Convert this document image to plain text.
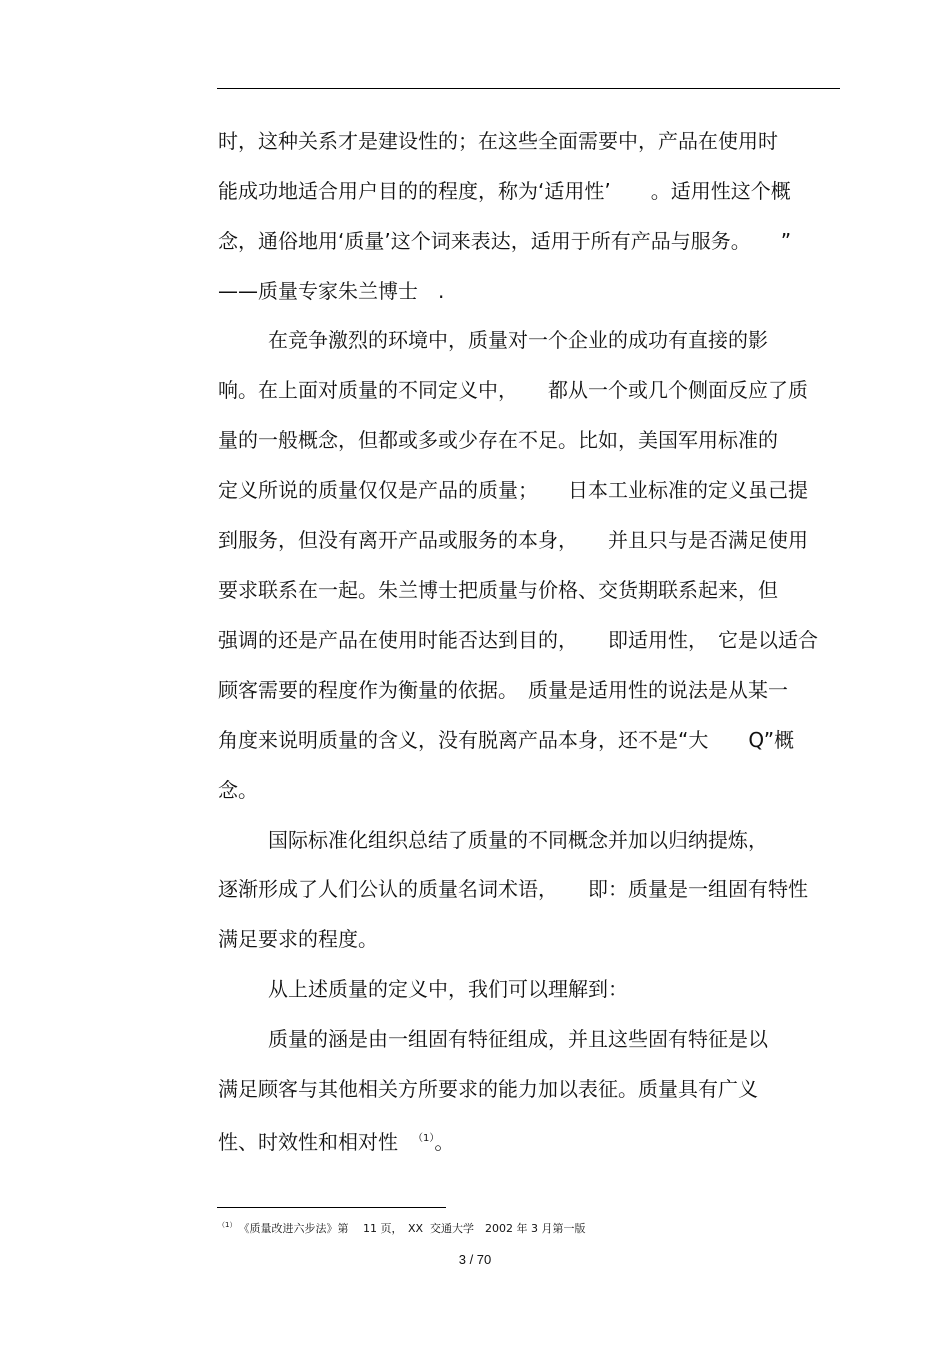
时，这种关系才是建设性的；在这些全面需要中，产品在使用时
能成功地适合用户目的的程度，称为‘适用性’　　。适用性这个概
念，通俗地用‘质量’这个词来表达，适用于所有产品与服务。　　”
——质量专家朱兰博士　.
在竞争激烈的环境中，质量对一个企业的成功有直接的影
响。在上面对质量的不同定义中，　　都从一个或几个侧面反应了质
量的一般概念，但都或多或少存在不足。比如，美国军用标准的
定义所说的质量仅仅是产品的质量；　　日本工业标准的定义虽己提
到服务，但没有离开产品或服务的本身，　　并且只与是否满足使用
要求联系在一起。朱兰博士把质量与价格、交货期联系起来，但
强调的还是产品在使用时能否达到目的，　　即适用性，　它是以适合
顾客需要的程度作为衡量的依据。　质量是适用性的说法是从某一
角度来说明质量的含义，没有脱离产品本身，还不是“大　　Q”概
念。
国际标准化组织总结了质量的不同概念并加以归纳提炼，
逐渐形成了人们公认的质量名词术语，　　即：质量是一组固有特性
满足要求的程度。
从上述质量的定义中，我们可以理解到：
质量的涵是由一组固有特征组成，并且这些固有特征是以
满足顾客与其他相关方所要求的能力加以表征。质量具有广义
性、时效性和相对性　$^{(1)}$。
$^{(1)}$　《质量改进六步法》第　 11 页，　XX  交通大学　2002 年 3 月第一版
3 / 70
